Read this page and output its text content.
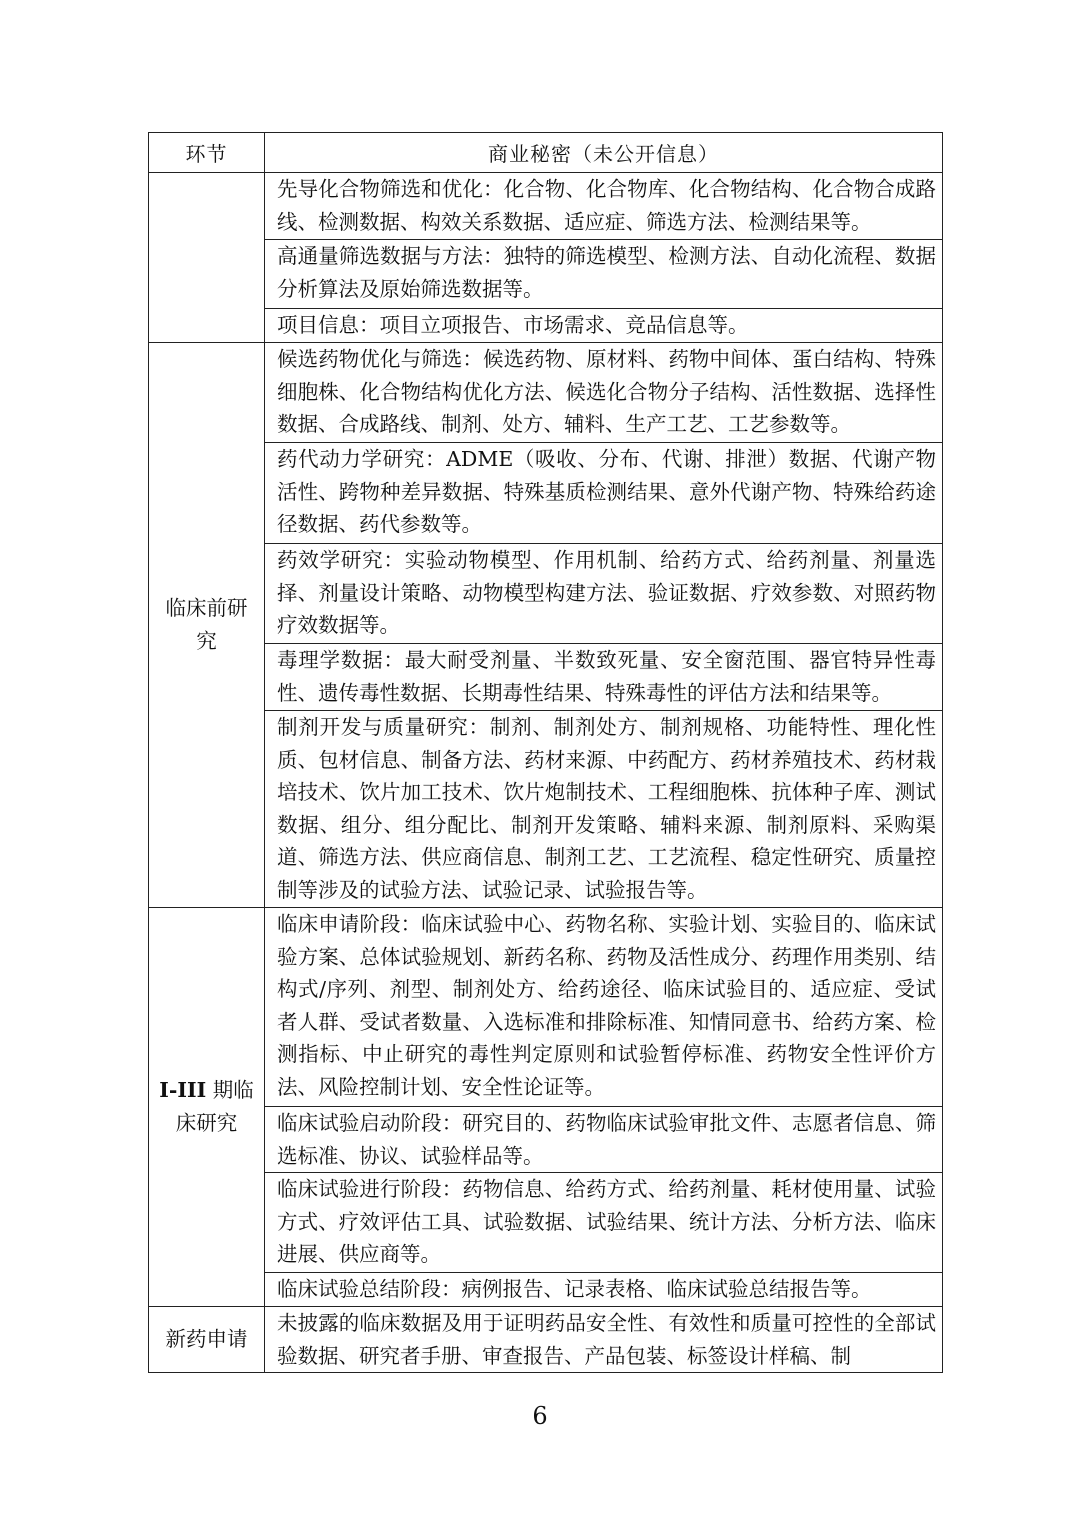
环节	商业秘密（未公开信息）
	先导化合物筛选和优化：化合物、化合物库、化合物结构、化合物合成路线、检测数据、构效关系数据、适应症、筛选方法、检测结果等。
	高通量筛选数据与方法：独特的筛选模型、检测方法、自动化流程、数据分析算法及原始筛选数据等。
	项目信息：项目立项报告、市场需求、竞品信息等。
临床前研究	候选药物优化与筛选：候选药物、原材料、药物中间体、蛋白结构、特殊细胞株、化合物结构优化方法、候选化合物分子结构、活性数据、选择性数据、合成路线、制剂、处方、辅料、生产工艺、工艺参数等。
	药代动力学研究：ADME（吸收、分布、代谢、排泄）数据、代谢产物活性、跨物种差异数据、特殊基质检测结果、意外代谢产物、特殊给药途径数据、药代参数等。
	药效学研究：实验动物模型、作用机制、给药方式、给药剂量、剂量选择、剂量设计策略、动物模型构建方法、验证数据、疗效参数、对照药物疗效数据等。
	毒理学数据：最大耐受剂量、半数致死量、安全窗范围、器官特异性毒性、遗传毒性数据、长期毒性结果、特殊毒性的评估方法和结果等。
	制剂开发与质量研究：制剂、制剂处方、制剂规格、功能特性、理化性质、包材信息、制备方法、药材来源、中药配方、药材养殖技术、药材栽培技术、饮片加工技术、饮片炮制技术、工程细胞株、抗体种子库、测试数据、组分、组分配比、制剂开发策略、辅料来源、制剂原料、采购渠道、筛选方法、供应商信息、制剂工艺、工艺流程、稳定性研究、质量控制等涉及的试验方法、试验记录、试验报告等。
I-III 期临床研究	临床申请阶段：临床试验中心、药物名称、实验计划、实验目的、临床试验方案、总体试验规划、新药名称、药物及活性成分、药理作用类别、结构式/序列、剂型、制剂处方、给药途径、临床试验目的、适应症、受试者人群、受试者数量、入选标准和排除标准、知情同意书、给药方案、检测指标、中止研究的毒性判定原则和试验暂停标准、药物安全性评价方法、风险控制计划、安全性论证等。
	临床试验启动阶段：研究目的、药物临床试验审批文件、志愿者信息、筛选标准、协议、试验样品等。
	临床试验进行阶段：药物信息、给药方式、给药剂量、耗材使用量、试验方式、疗效评估工具、试验数据、试验结果、统计方法、分析方法、临床进展、供应商等。
	临床试验总结阶段：病例报告、记录表格、临床试验总结报告等。
新药申请	未披露的临床数据及用于证明药品安全性、有效性和质量可控性的全部试验数据、研究者手册、审查报告、产品包装、标签设计样稿、制
6
